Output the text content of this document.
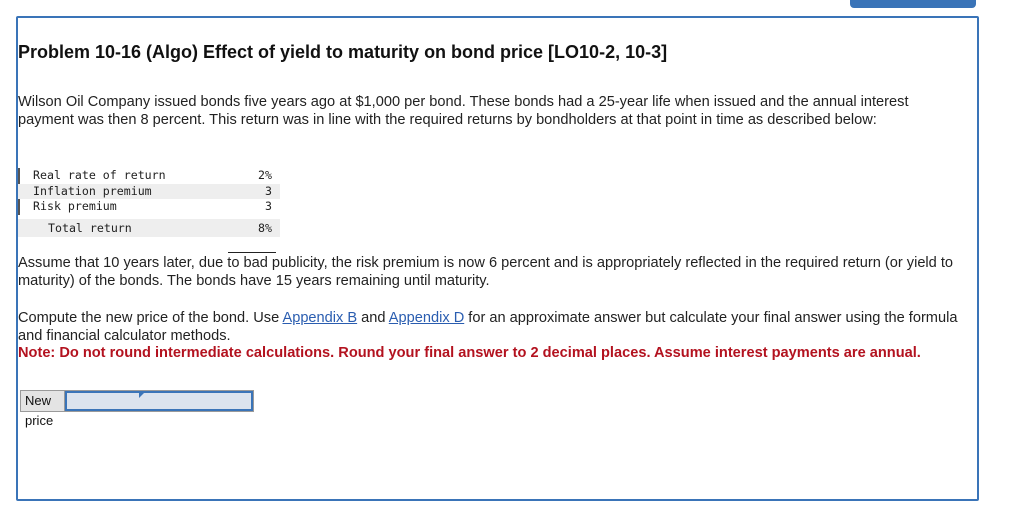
Problem 10-16 (Algo) Effect of yield to maturity on bond price [LO10-2, 10-3]

Wilson Oil Company issued bonds five years ago at $1,000 per bond. These bonds had a 25-year life when issued and the annual interest payment was then 8 percent. This return was in line with the required returns by bondholders at that point in time as described below:

Real rate of return	2%
Inflation premium	3
Risk premium	3
Total return	8%

Assume that 10 years later, due to bad publicity, the risk premium is now 6 percent and is appropriately reflected in the required return (or yield to maturity) of the bonds. The bonds have 15 years remaining until maturity.

Compute the new price of the bond. Use Appendix B and Appendix D for an approximate answer but calculate your final answer using the formula and financial calculator methods.
Note: Do not round intermediate calculations. Round your final answer to 2 decimal places. Assume interest payments are annual.

New price
